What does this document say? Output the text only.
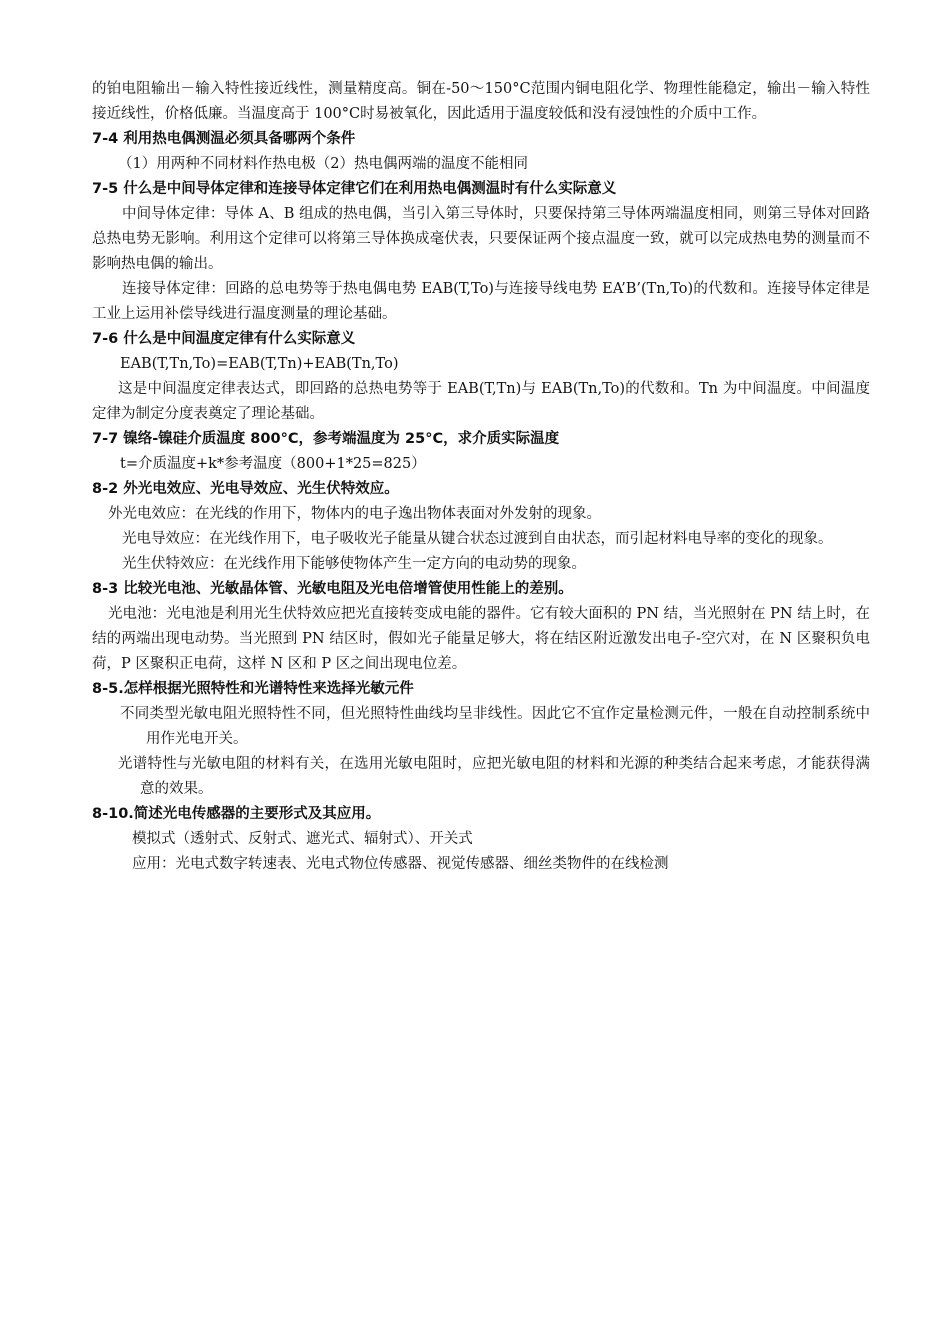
的铂电阻输出－输入特性接近线性，测量精度高。铜在-50～150°C范围内铜电阻化学、物理性能稳定，输出－输入特性接近线性，价格低廉。当温度高于 100°C时易被氧化，因此适用于温度较低和没有浸蚀性的介质中工作。

7-4 利用热电偶测温必须具备哪两个条件

（1）用两种不同材料作热电极（2）热电偶两端的温度不能相同

7-5 什么是中间导体定律和连接导体定律它们在利用热电偶测温时有什么实际意义

中间导体定律：导体 A、B 组成的热电偶，当引入第三导体时，只要保持第三导体两端温度相同，则第三导体对回路总热电势无影响。利用这个定律可以将第三导体换成毫伏表，只要保证两个接点温度一致，就可以完成热电势的测量而不影响热电偶的输出。

连接导体定律：回路的总电势等于热电偶电势 EAB(T,To)与连接导线电势 EA’B’(Tn,To)的代数和。连接导体定律是工业上运用补偿导线进行温度测量的理论基础。

7-6 什么是中间温度定律有什么实际意义

EAB(T,Tn,To)=EAB(T,Tn)+EAB(Tn,To)

这是中间温度定律表达式，即回路的总热电势等于 EAB(T,Tn)与 EAB(Tn,To)的代数和。Tn 为中间温度。中间温度定律为制定分度表奠定了理论基础。

7-7 镍络-镍硅介质温度 800°C，参考端温度为 25°C，求介质实际温度

t=介质温度+k*参考温度（800+1*25=825）

8-2 外光电效应、光电导效应、光生伏特效应。

外光电效应：在光线的作用下，物体内的电子逸出物体表面对外发射的现象。

光电导效应：在光线作用下，电子吸收光子能量从键合状态过渡到自由状态，而引起材料电导率的变化的现象。

光生伏特效应：在光线作用下能够使物体产生一定方向的电动势的现象。

8-3 比较光电池、光敏晶体管、光敏电阻及光电倍增管使用性能上的差别。

光电池：光电池是利用光生伏特效应把光直接转变成电能的器件。它有较大面积的 PN 结，当光照射在 PN 结上时，在结的两端出现电动势。当光照到 PN 结区时，假如光子能量足够大，将在结区附近激发出电子-空穴对，在 N 区聚积负电荷，P 区聚积正电荷，这样 N 区和 P 区之间出现电位差。

8-5.怎样根据光照特性和光谱特性来选择光敏元件

不同类型光敏电阻光照特性不同，但光照特性曲线均呈非线性。因此它不宜作定量检测元件，一般在自动控制系统中用作光电开关。

光谱特性与光敏电阻的材料有关，在选用光敏电阻时，应把光敏电阻的材料和光源的种类结合起来考虑，才能获得满意的效果。

8-10.简述光电传感器的主要形式及其应用。

模拟式（透射式、反射式、遮光式、辐射式）、开关式

应用：光电式数字转速表、光电式物位传感器、视觉传感器、细丝类物件的在线检测
